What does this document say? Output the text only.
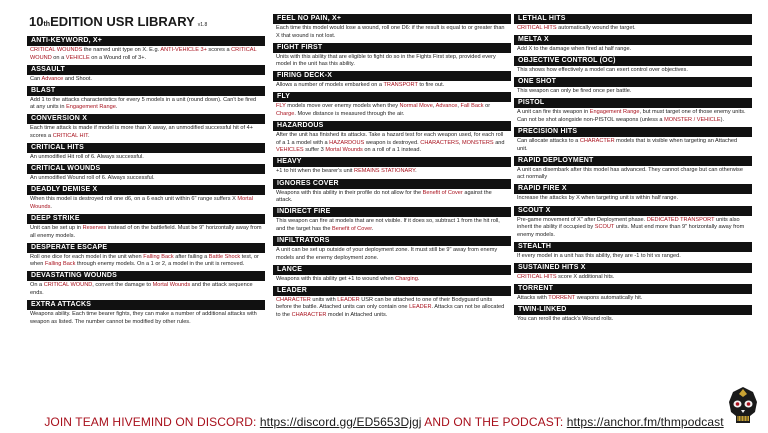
$10_{th}$ EDITION USR LIBRARY v1.8
ANTI-KEYWORD, X+
CRITICAL WOUNDS the named unit type on X. E.g. ANTI-VEHICLE 3+ scores a CRITICAL WOUND on a VEHICLE on a Wound roll of 3+.
ASSAULT
Can Advance and Shoot.
BLAST
Add 1 to the attacks characteristics for every 5 models in a unit (round down). Can't be fired at any units in Engagement Range.
CONVERSION X
Each time attack is made if model is more than X away, an unmodified successful hit of 4+ scores a CRITICAL HIT.
CRITICAL HITS
An unmodified Hit roll of 6. Always successful.
CRITICAL WOUNDS
An unmodified Wound roll of 6. Always successful.
DEADLY DEMISE X
When this model is destroyed roll one d6, on a 6 each unit within 6" range suffers X Mortal Wounds.
DEEP STRIKE
Unit can be set up in Reserves instead of on the battlefield. Must be 9" horizontally away from all enemy models.
DESPERATE ESCAPE
Roll one dice for each model in the unit when Falling Back after failing a Battle Shock test, or when Falling Back through enemy models. On a 1 or 2, a model in the unit is removed.
DEVASTATING WOUNDS
On a CRITICAL WOUND, convert the damage to Mortal Wounds and the attack sequence ends.
EXTRA ATTACKS
Weapons ability. Each time bearer fights, they can make a number of additional attacks with weapon as listed. The number cannot be modified by other rules.
FEEL NO PAIN, X+
Each time this model would lose a wound, roll one D6: if the result is equal to or greater than X that wound is not lost.
FIGHT FIRST
Units with this ability that are eligible to fight do so in the Fights First step, provided every model in the unit has this ability.
FIRING DECK-X
Allows a number of models embarked on a TRANSPORT to fire out.
FLY
FLY models move over enemy models when they Normal Move, Advance, Fall Back or Charge. Move distance is measured through the air.
HAZARDOUS
After the unit has finished its attacks. Take a hazard test for each weapon used, for each roll of a 1 a model with a HAZARDOUS weapon is destroyed. CHARACTERS, MONSTERS and VEHICLES suffer 3 Mortal Wounds on a roll of a 1 instead.
HEAVY
+1 to hit when the bearer's unit REMAINS STATIONARY.
IGNORES COVER
Weapons with this ability in their profile do not allow for the Benefit of Cover against the attack.
INDIRECT FIRE
This weapon can fire at models that are not visible. If it does so, subtract 1 from the hit roll, and the target has the Benefit of Cover.
INFILTRATORS
A unit can be set up outside of your deployment zone. It must still be 9" away from enemy models and the enemy deployment zone.
LANCE
Weapons with this ability get +1 to wound when Charging.
LEADER
CHARACTER units with LEADER USR can be attached to one of their Bodyguard units before the battle. Attached units can only contain one LEADER. Attacks can not be allocated to the CHARACTER model in Attached units.
LETHAL HITS
CRITICAL HITS automatically wound the target.
MELTA X
Add X to the damage when fired at half range.
OBJECTIVE CONTROL (OC)
This shows how effectively a model can exert control over objectives.
ONE SHOT
This weapon can only be fired once per battle.
PISTOL
A unit can fire this weapon in Engagement Range, but must target one of those enemy units. Can not be shot alongside non-PISTOL weapons (unless a MONSTER / VEHICLE).
PRECISION HITS
Can allocate attacks to a CHARACTER models that is visible when targeting an Attached unit.
RAPID DEPLOYMENT
A unit can disembark after this model has advanced. They cannot charge but can otherwise act normally
RAPID FIRE X
Increase the attacks by X when targeting unit is within half range.
SCOUT X
Pre-game movement of X" after Deployment phase. DEDICATED TRANSPORT units also inherit the ability if occupied by SCOUT units. Must end more than 9" horizontally away from enemy models.
STEALTH
If every model in a unit has this ability, they are -1 to hit vs ranged.
SUSTAINED HITS X
CRITICAL HITS score X additional hits.
TORRENT
Attacks with TORRENT weapons automatically hit.
TWIN-LINKED
You can reroll the attack's Wound rolls.
JOIN TEAM HIVEMIND ON DISCORD: https://discord.gg/ED5653Djgj AND ON THE PODCAST: https://anchor.fm/thmpodcast
